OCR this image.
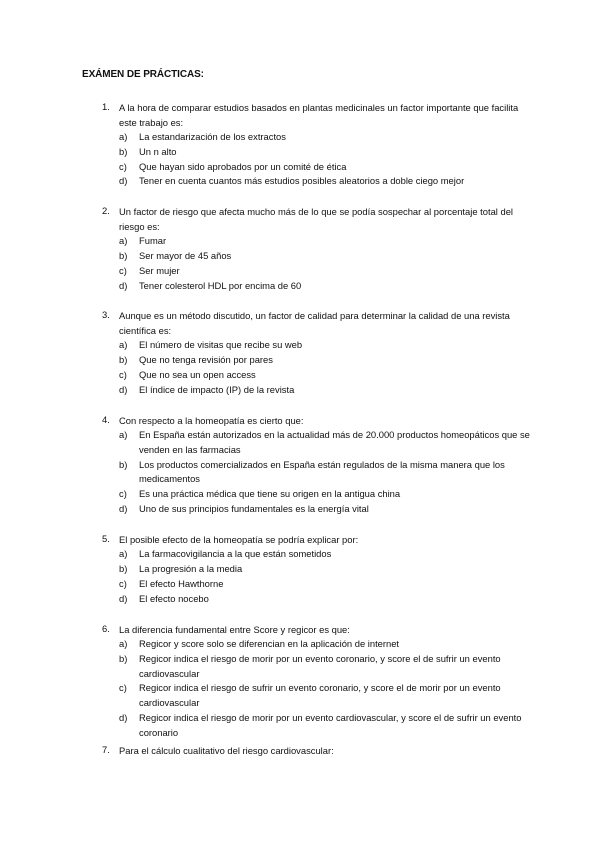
EXÁMEN DE PRÁCTICAS:
1. A la hora de comparar estudios basados en plantas medicinales un factor importante que facilita este trabajo es:
a) La estandarización de los extractos
b) Un n alto
c) Que hayan sido aprobados por un comité de ética
d) Tener en cuenta cuantos más estudios posibles aleatorios a doble ciego mejor
2. Un factor de riesgo que afecta mucho más de lo que se podía sospechar al porcentaje total del riesgo es:
a) Fumar
b) Ser mayor de 45 años
c) Ser mujer
d) Tener colesterol HDL por encima de 60
3. Aunque es un método discutido, un factor de calidad para determinar la calidad de una revista científica es:
a) El número de visitas que recibe su web
b) Que no tenga revisión por pares
c) Que no sea un open access
d) El índice de impacto (IP) de la revista
4. Con respecto a la homeopatía es cierto que:
a) En España están autorizados en la actualidad más de 20.000 productos homeopáticos que se venden en las farmacias
b) Los productos comercializados en España están regulados de la misma manera que los medicamentos
c) Es una práctica médica que tiene su origen en la antigua china
d) Uno de sus principios fundamentales es la energía vital
5. El posible efecto de la homeopatía se podría explicar por:
a) La farmacovigilancia a la que están sometidos
b) La progresión a la media
c) El efecto Hawthorne
d) El efecto nocebo
6. La diferencia fundamental entre Score y regicor es que:
a) Regicor y score solo se diferencian en la aplicación de internet
b) Regicor indica el riesgo de morir por un evento coronario, y score el de sufrir un evento cardiovascular
c) Regicor indica el riesgo de sufrir un evento coronario, y score el de morir por un evento cardiovascular
d) Regicor indica el riesgo de morir por un evento cardiovascular, y score el de sufrir un evento coronario
7. Para el cálculo cualitativo del riesgo cardiovascular:
